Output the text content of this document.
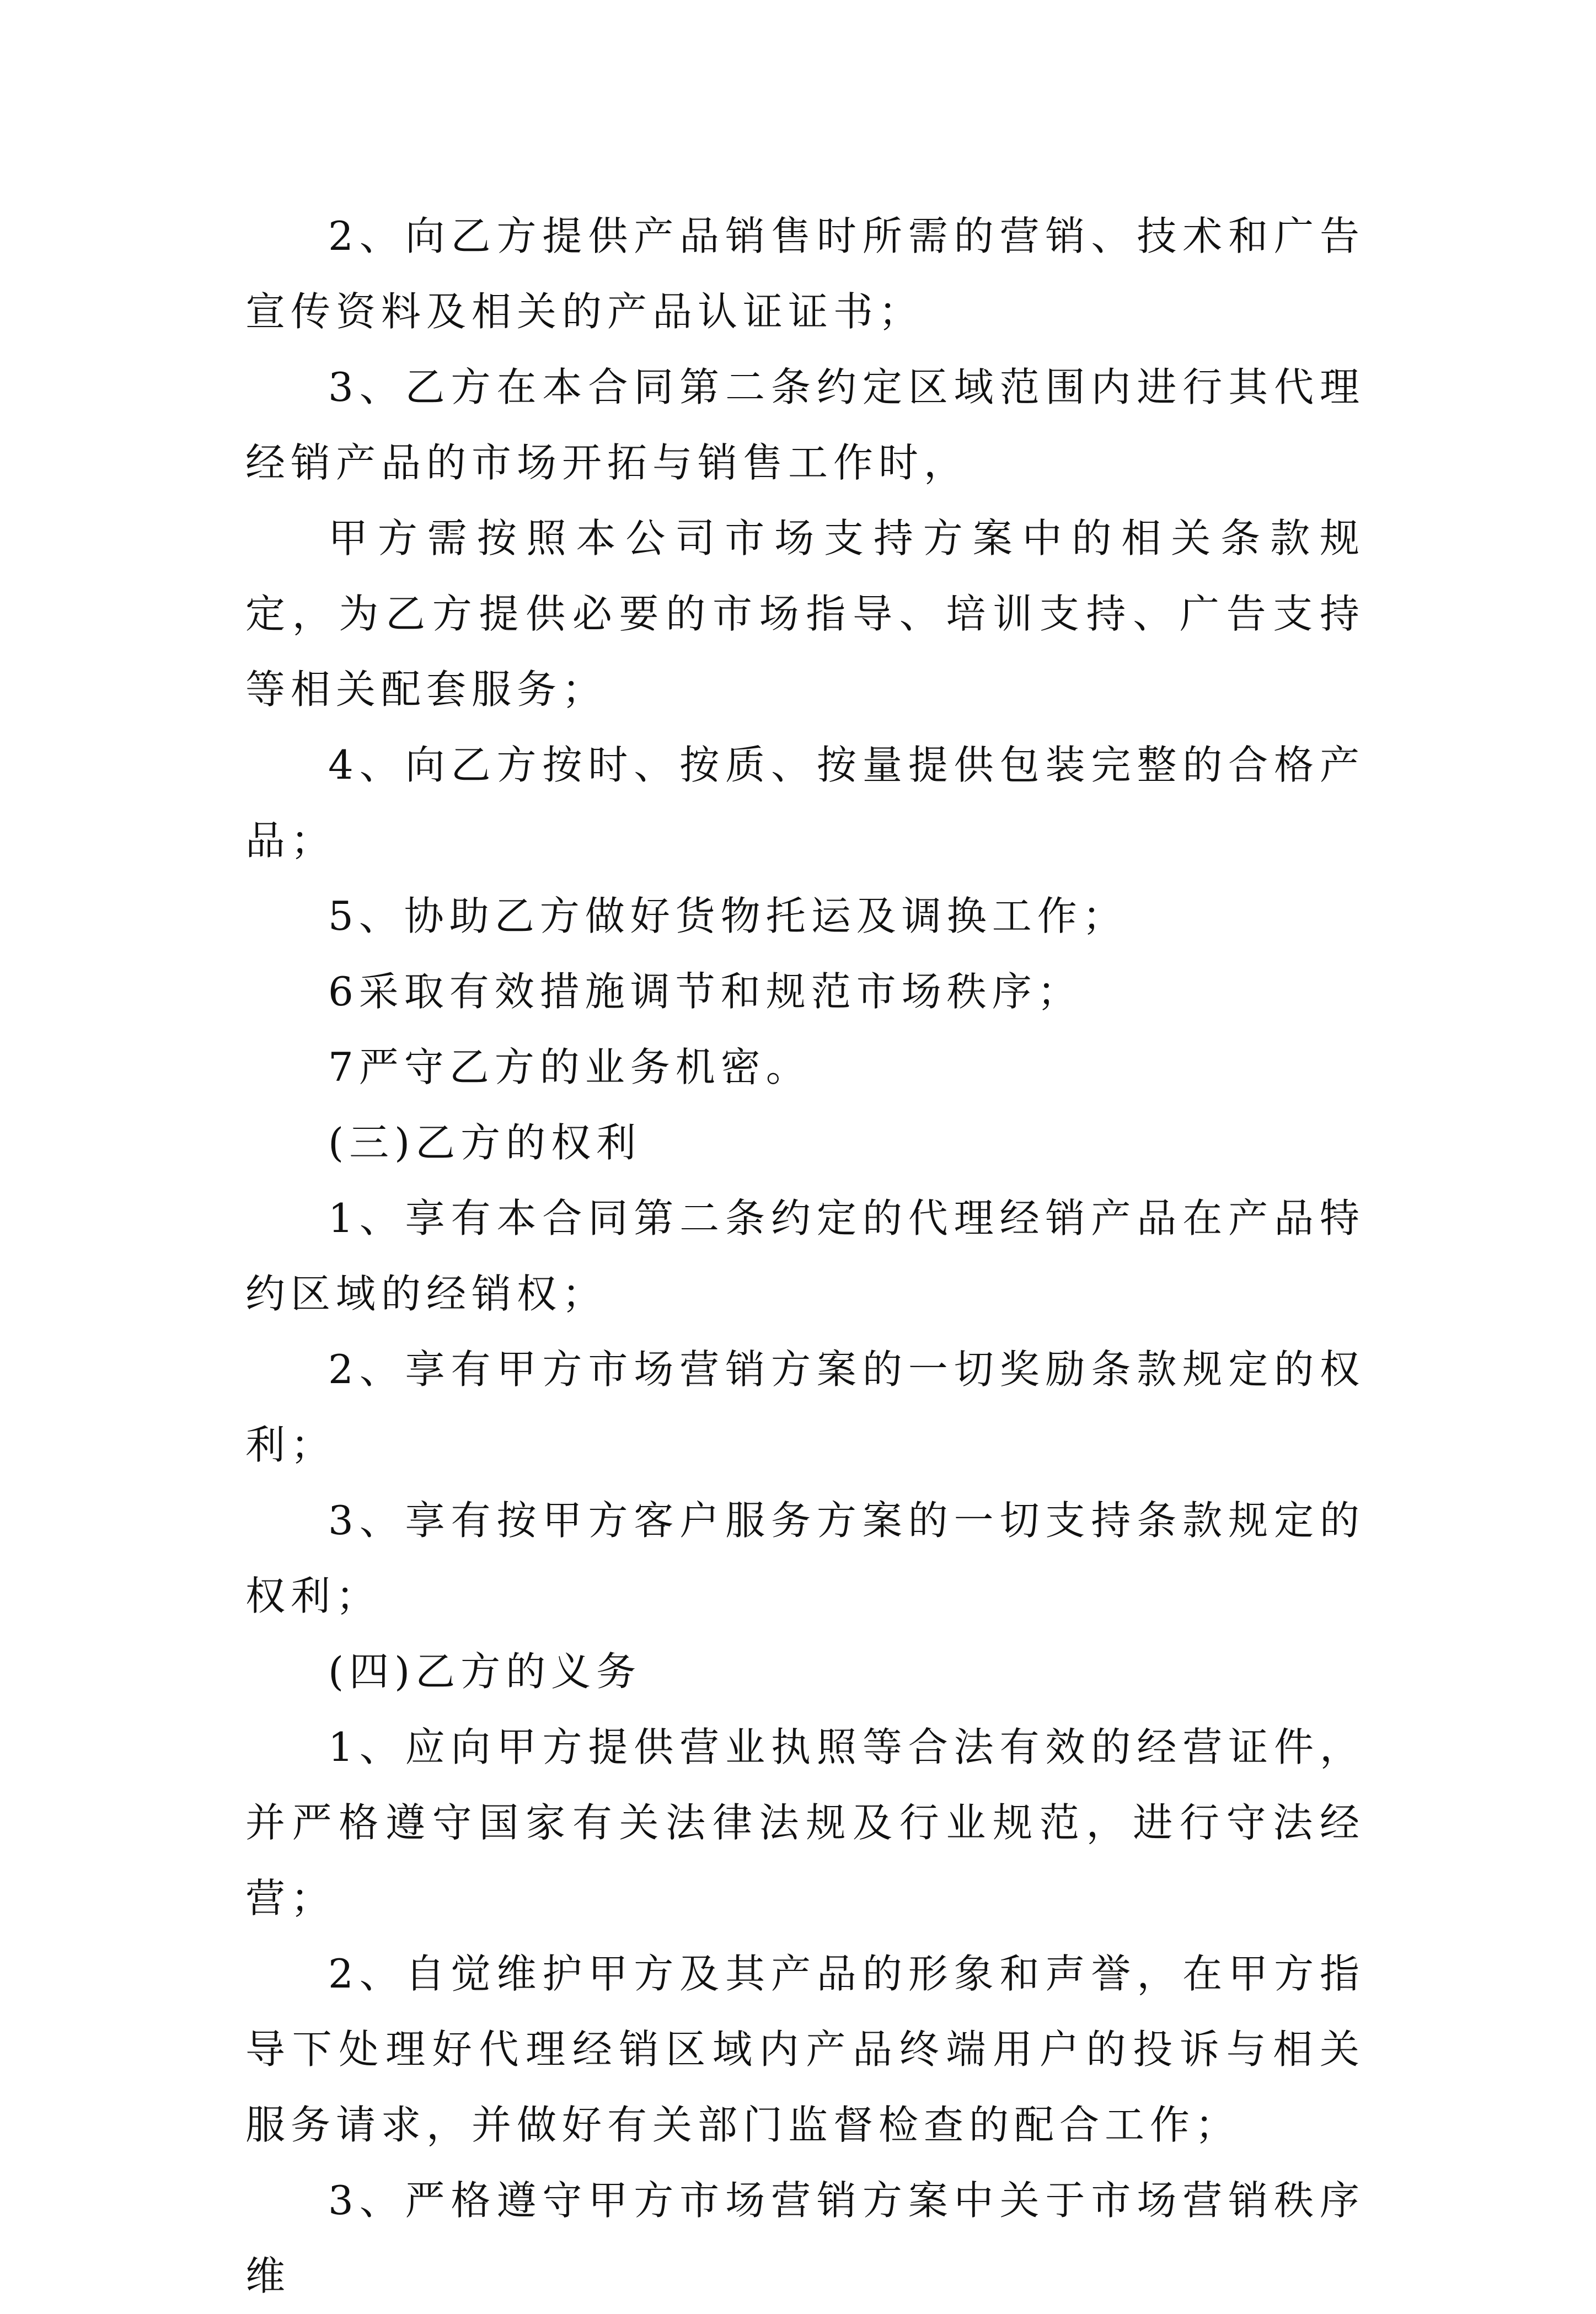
2、向乙方提供产品销售时所需的营销、技术和广告宣传资料及相关的产品认证证书；

3、乙方在本合同第二条约定区域范围内进行其代理经销产品的市场开拓与销售工作时，

甲方需按照本公司市场支持方案中的相关条款规定，为乙方提供必要的市场指导、培训支持、广告支持等相关配套服务；

4、向乙方按时、按质、按量提供包装完整的合格产品；

5、协助乙方做好货物托运及调换工作；

6采取有效措施调节和规范市场秩序；

7严守乙方的业务机密。

(三)乙方的权利

1、享有本合同第二条约定的代理经销产品在产品特约区域的经销权；

2、享有甲方市场营销方案的一切奖励条款规定的权利；

3、享有按甲方客户服务方案的一切支持条款规定的权利；

(四)乙方的义务

1、应向甲方提供营业执照等合法有效的经营证件，并严格遵守国家有关法律法规及行业规范，进行守法经营；

2、自觉维护甲方及其产品的形象和声誉，在甲方指导下处理好代理经销区域内产品终端用户的投诉与相关服务请求，并做好有关部门监督检查的配合工作；

3、严格遵守甲方市场营销方案中关于市场营销秩序维
